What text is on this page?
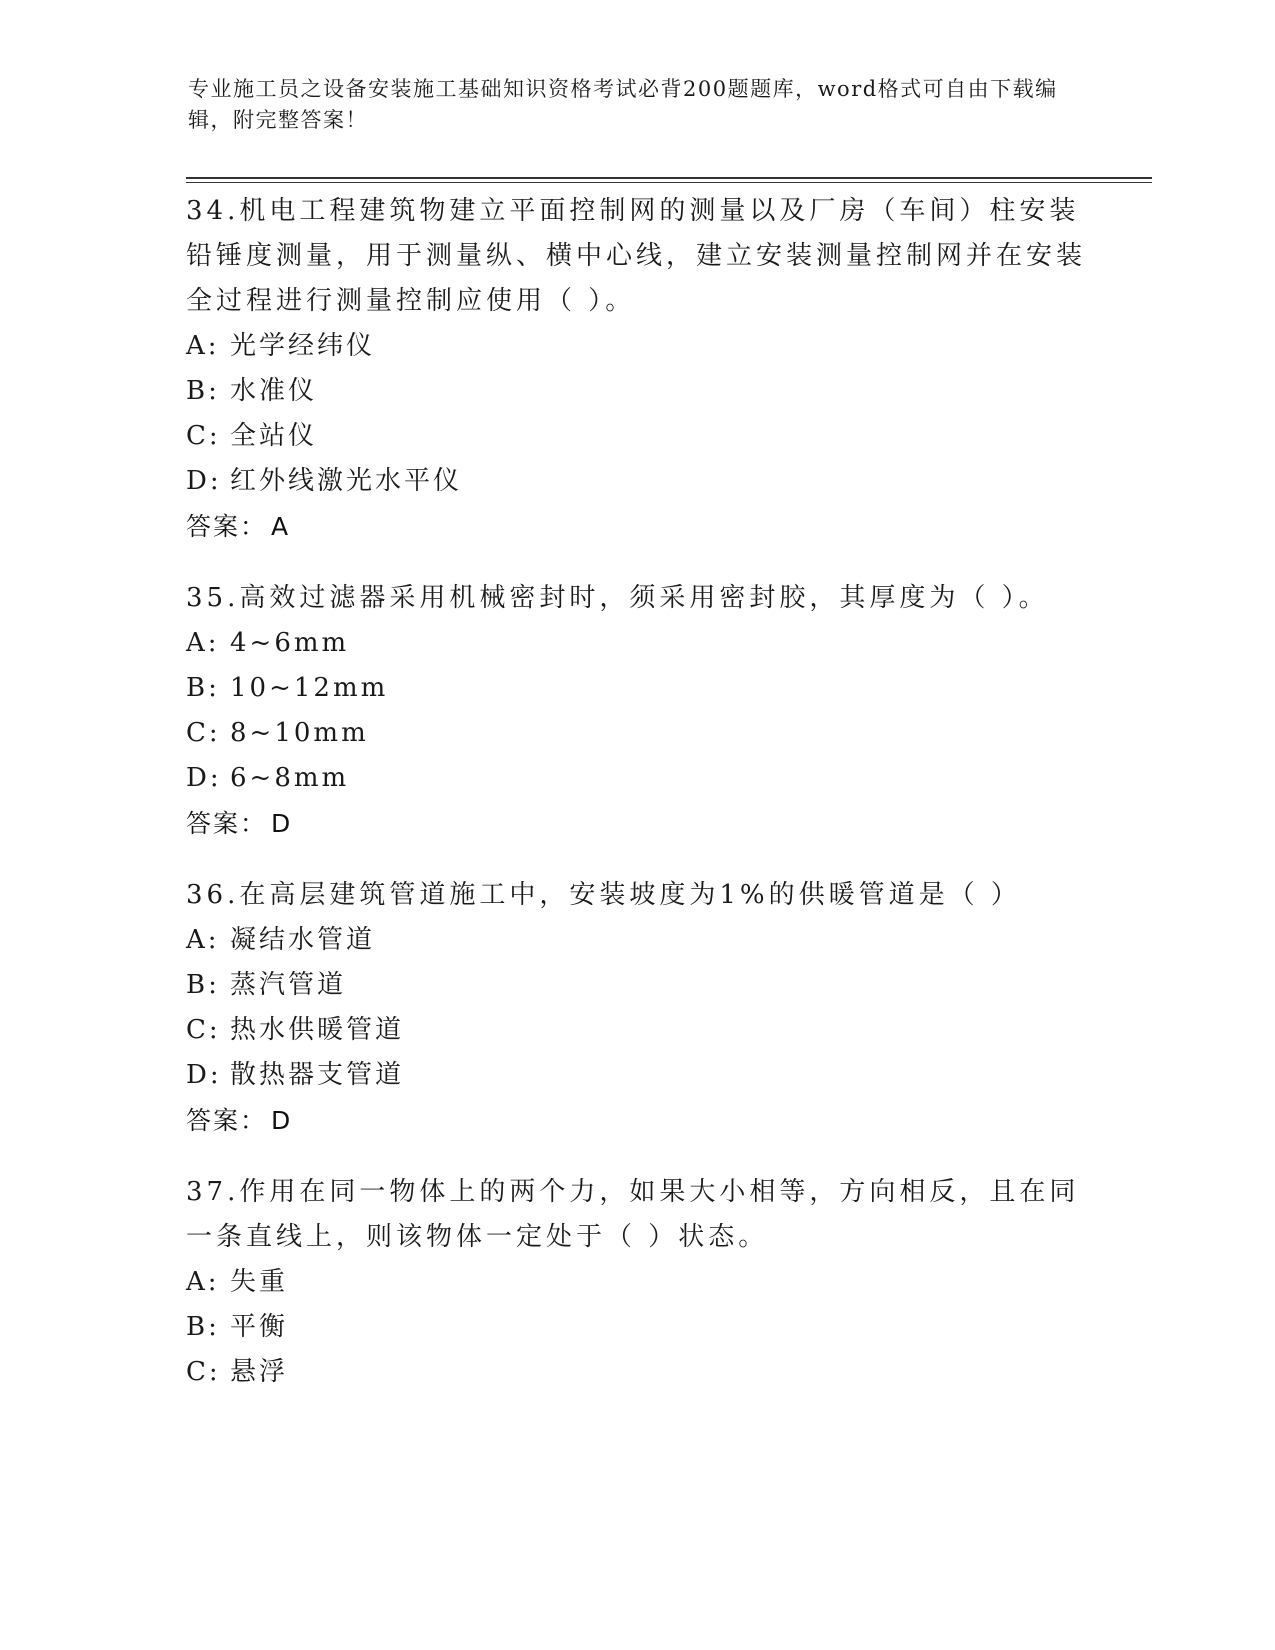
专业施工员之设备安装施工基础知识资格考试必背200题题库，word格式可自由下载编辑，附完整答案！
34.机电工程建筑物建立平面控制网的测量以及厂房（车间）柱安装铅锤度测量，用于测量纵、横中心线，建立安装测量控制网并在安装全过程进行测量控制应使用（ ）。
A: 光学经纬仪
B: 水准仪
C: 全站仪
D: 红外线激光水平仪
答案： A
35.高效过滤器采用机械密封时，须采用密封胶，其厚度为（ ）。
A: 4~6mm
B: 10~12mm
C: 8~10mm
D: 6~8mm
答案： D
36.在高层建筑管道施工中，安装坡度为1%的供暖管道是（ ）
A: 凝结水管道
B: 蒸汽管道
C: 热水供暖管道
D: 散热器支管道
答案： D
37.作用在同一物体上的两个力，如果大小相等，方向相反，且在同一条直线上，则该物体一定处于（ ）状态。
A: 失重
B: 平衡
C: 悬浮
